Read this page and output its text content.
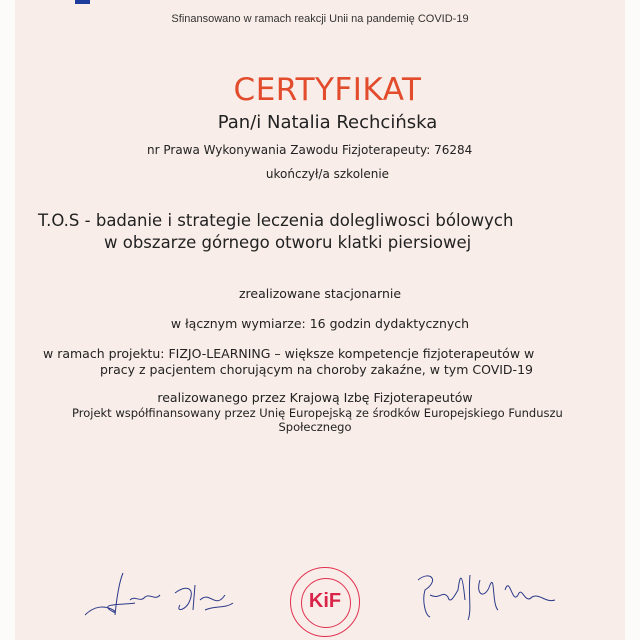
Sfinansowano w ramach reakcji Unii na pandemię COVID-19
CERTYFIKAT
Pan/i Natalia Rechcińska
nr Prawa Wykonywania Zawodu Fizjoterapeuty: 76284
ukończył/a szkolenie
T.O.S - badanie i strategie leczenia dolegliwosci bólowych
w obszarze górnego otworu klatki piersiowej
zrealizowane stacjonarnie
w łącznym wymiarze: 16 godzin dydaktycznych
w ramach projektu: FIZJO-LEARNING – większe kompetencje fizjoterapeutów w
pracy z pacjentem chorującym na choroby zakaźne, w tym COVID-19
realizowanego przez Krajową Izbę Fizjoterapeutów
Projekt współfinansowany przez Unię Europejską ze środków Europejskiego Funduszu
Społecznego
KiF
